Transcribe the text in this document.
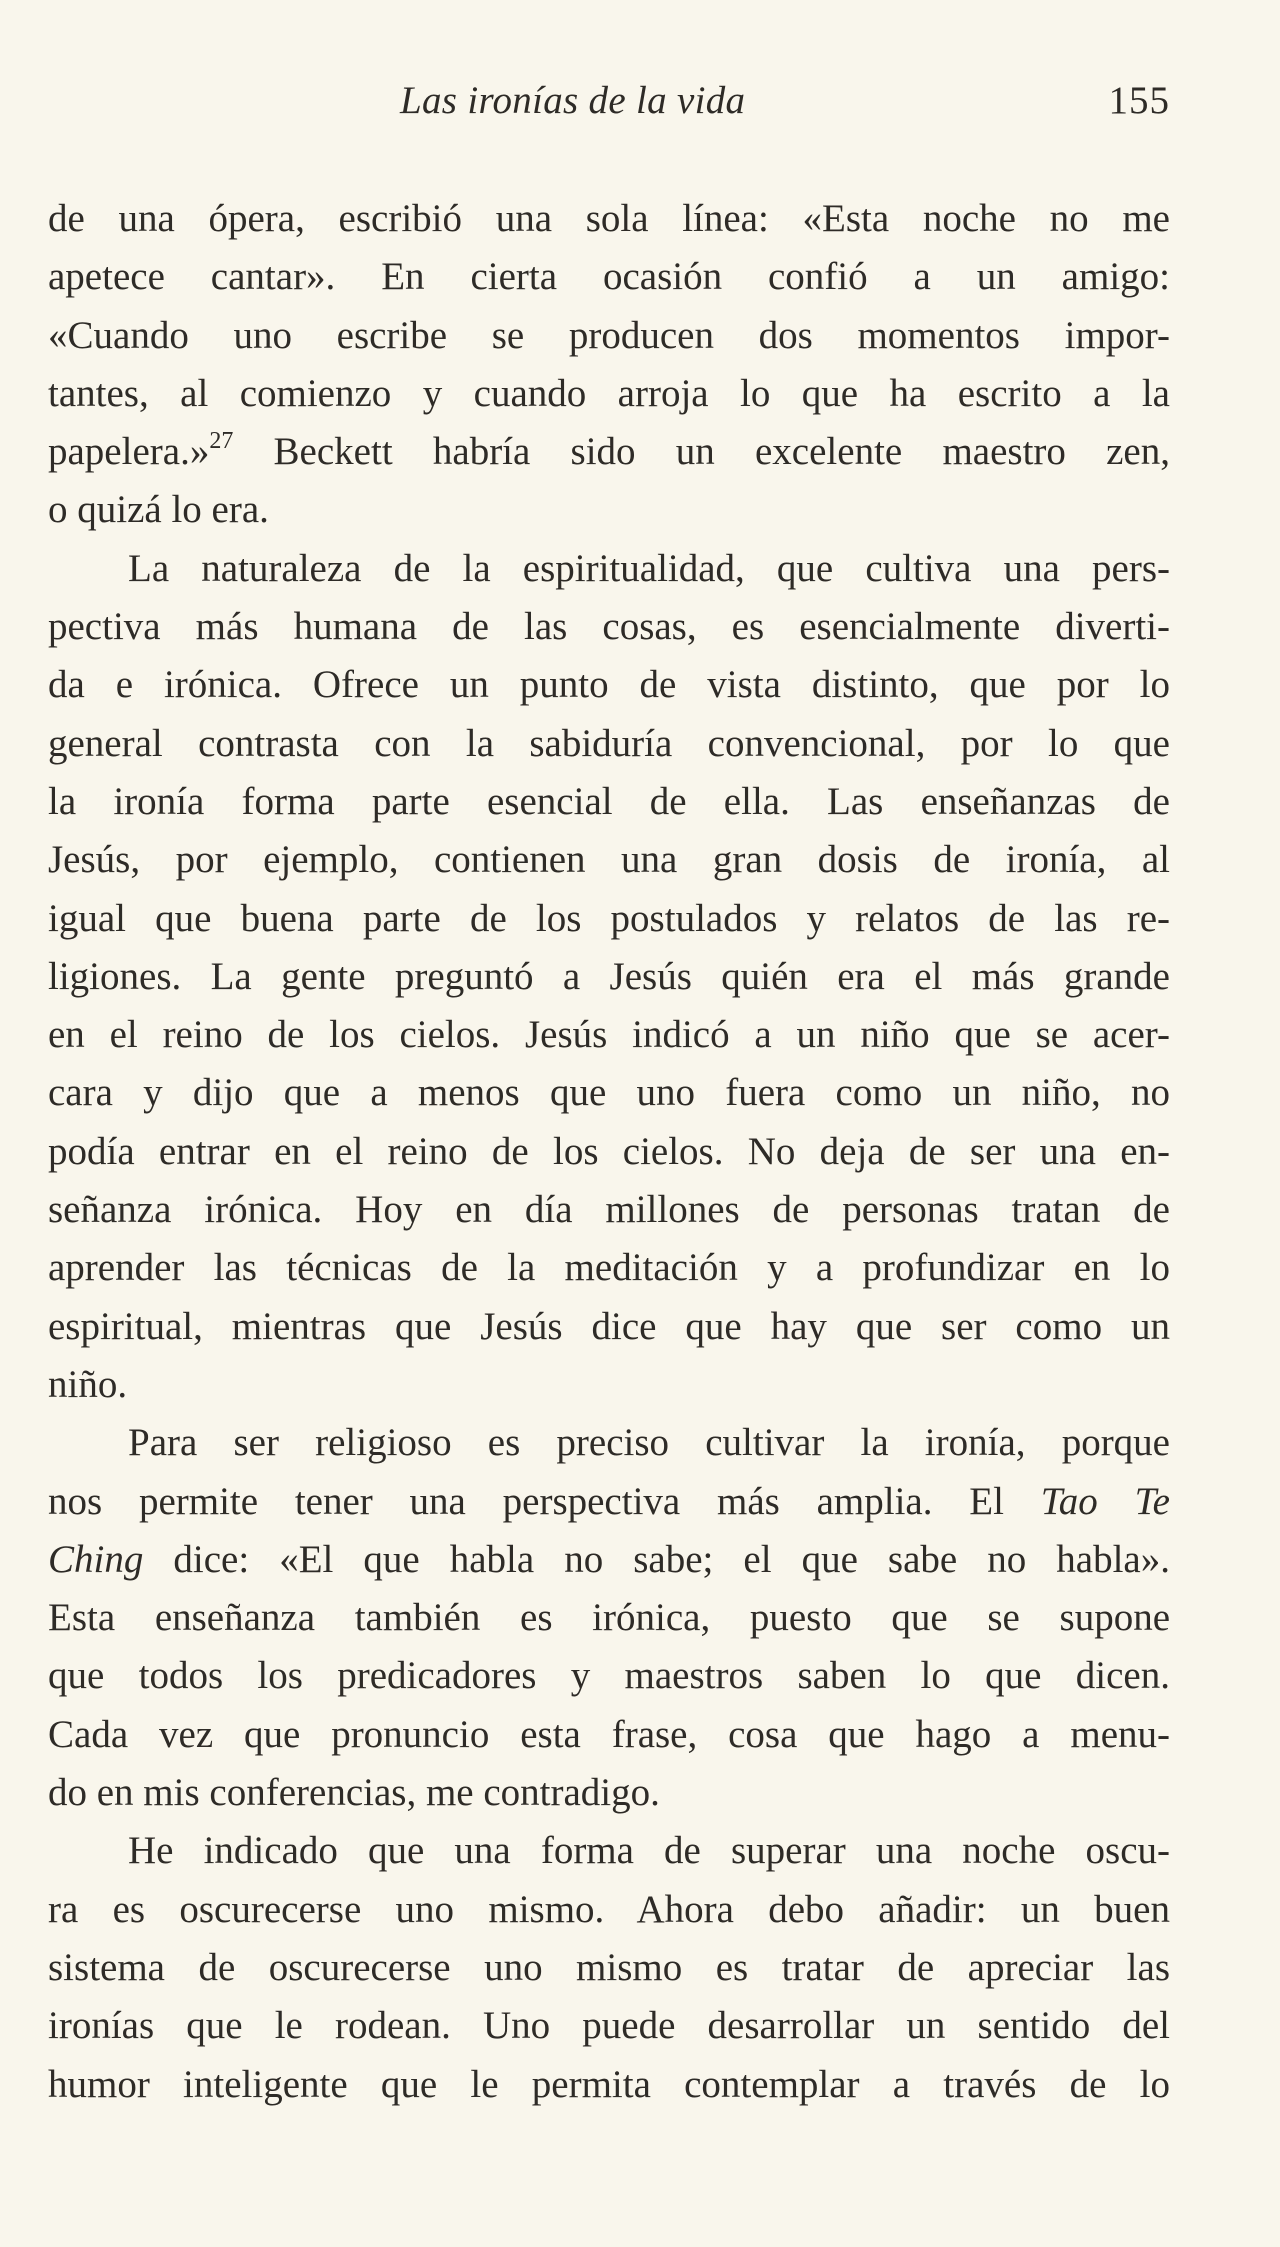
Las ironías de la vida	155
de una ópera, escribió una sola línea: «Esta noche no me
apetece cantar». En cierta ocasión confió a un amigo:
«Cuando uno escribe se producen dos momentos impor-
tantes, al comienzo y cuando arroja lo que ha escrito a la
papelera.»$^{27}$ Beckett habría sido un excelente maestro zen,
o quizá lo era.
La naturaleza de la espiritualidad, que cultiva una pers-
pectiva más humana de las cosas, es esencialmente diverti-
da e irónica. Ofrece un punto de vista distinto, que por lo
general contrasta con la sabiduría convencional, por lo que
la ironía forma parte esencial de ella. Las enseñanzas de
Jesús, por ejemplo, contienen una gran dosis de ironía, al
igual que buena parte de los postulados y relatos de las re-
ligiones. La gente preguntó a Jesús quién era el más grande
en el reino de los cielos. Jesús indicó a un niño que se acer-
cara y dijo que a menos que uno fuera como un niño, no
podía entrar en el reino de los cielos. No deja de ser una en-
señanza irónica. Hoy en día millones de personas tratan de
aprender las técnicas de la meditación y a profundizar en lo
espiritual, mientras que Jesús dice que hay que ser como un
niño.
Para ser religioso es preciso cultivar la ironía, porque
nos permite tener una perspectiva más amplia. El Tao Te
Ching dice: «El que habla no sabe; el que sabe no habla».
Esta enseñanza también es irónica, puesto que se supone
que todos los predicadores y maestros saben lo que dicen.
Cada vez que pronuncio esta frase, cosa que hago a menu-
do en mis conferencias, me contradigo.
He indicado que una forma de superar una noche oscu-
ra es oscurecerse uno mismo. Ahora debo añadir: un buen
sistema de oscurecerse uno mismo es tratar de apreciar las
ironías que le rodean. Uno puede desarrollar un sentido del
humor inteligente que le permita contemplar a través de lo
